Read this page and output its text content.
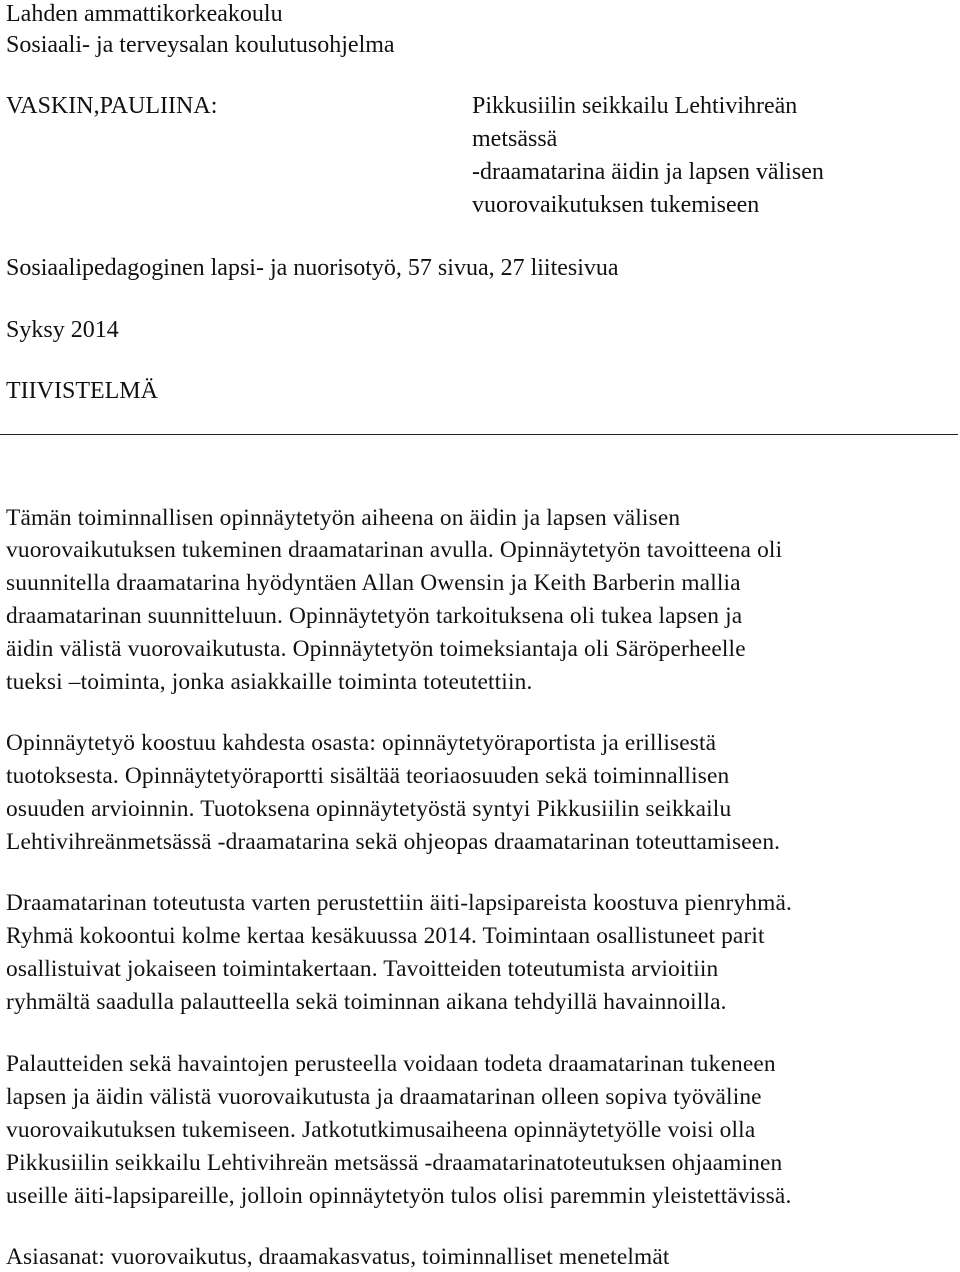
Lahden ammattikorkeakoulu
Sosiaali- ja terveysalan koulutusohjelma
VASKIN,PAULIINA:	Pikkusiilin seikkailu Lehtivihreän
metsässä
-draamatarina äidin ja lapsen välisen
vuorovaikutuksen tukemiseen
Sosiaalipedagoginen lapsi- ja nuorisotyö, 57 sivua, 27 liitesivua
Syksy 2014
TIIVISTELMÄ
Tämän toiminnallisen opinnäytetyön aiheena on äidin ja lapsen välisen
vuorovaikutuksen tukeminen draamatarinan avulla. Opinnäytetyön tavoitteena oli
suunnitella draamatarina hyödyntäen Allan Owensin ja Keith Barberin mallia
draamatarinan suunnitteluun. Opinnäytetyön tarkoituksena oli tukea lapsen ja
äidin välistä vuorovaikutusta. Opinnäytetyön toimeksiantaja oli Säröperheelle
tueksi –toiminta, jonka asiakkaille toiminta toteutettiin.
Opinnäytetyö koostuu kahdesta osasta: opinnäytetyöraportista ja erillisestä
tuotoksesta. Opinnäytetyöraportti sisältää teoriaosuuden sekä toiminnallisen
osuuden arvioinnin. Tuotoksena opinnäytetyöstä syntyi Pikkusiilin seikkailu
Lehtivihreänmetsässä -draamatarina sekä ohjeopas draamatarinan toteuttamiseen.
Draamatarinan toteutusta varten perustettiin äiti-lapsipareista koostuva pienryhmä.
Ryhmä kokoontui kolme kertaa kesäkuussa 2014. Toimintaan osallistuneet parit
osallistuivat jokaiseen toimintakertaan. Tavoitteiden toteutumista arvioitiin
ryhmältä saadulla palautteella sekä toiminnan aikana tehdyillä havainnoilla.
Palautteiden sekä havaintojen perusteella voidaan todeta draamatarinan tukeneen
lapsen ja äidin välistä vuorovaikutusta ja draamatarinan olleen sopiva työväline
vuorovaikutuksen tukemiseen. Jatkotutkimusaiheena opinnäytetyölle voisi olla
Pikkusiilin seikkailu Lehtivihreän metsässä -draamatarinatoteutuksen ohjaaminen
useille äiti-lapsipareille, jolloin opinnäytetyön tulos olisi paremmin yleistettävissä.
Asiasanat: vuorovaikutus, draamakasvatus, toiminnalliset menetelmät
